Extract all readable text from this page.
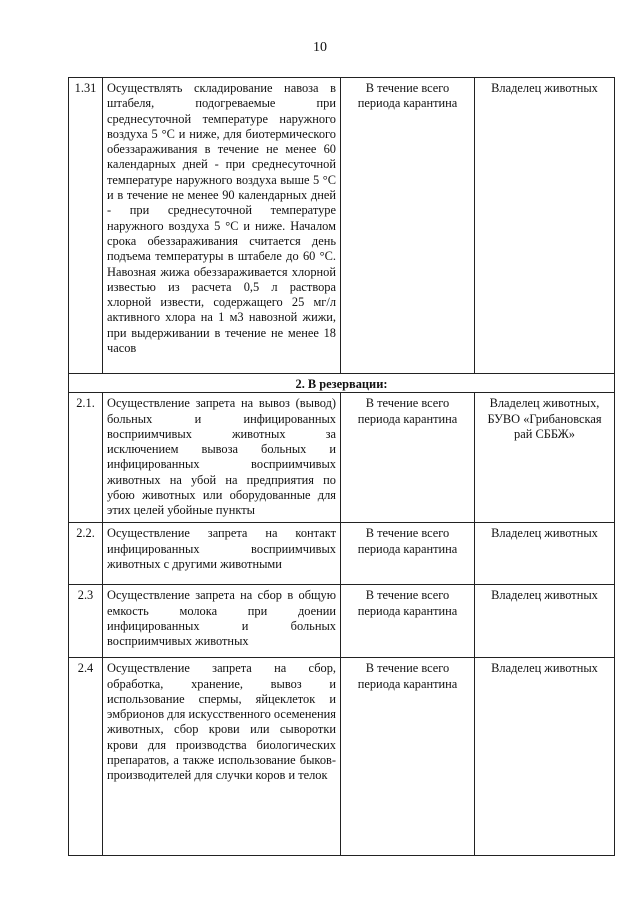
10
1.31	Осуществлять складирование навоза в штабеля, подогреваемые при среднесуточной температуре наружного воздуха 5 °С и ниже, для биотермического обеззараживания в течение не менее 60 календарных дней - при среднесуточной температуре наружного воздуха выше 5 °С и в течение не менее 90 календарных дней - при среднесуточной температуре наружного воздуха 5 °С и ниже. Началом срока обеззараживания считается день подъема температуры в штабеле до 60 °С. Навозная жижа обеззараживается хлорной известью из расчета 0,5 л раствора хлорной извести, содержащего 25 мг/л активного хлора на 1 м3 навозной жижи, при выдерживании в течение не менее 18 часов	В течение всего периода карантина	Владелец животных
2. В резервации:			
2.1.	Осуществление запрета на вывоз (вывод) больных и инфицированных восприимчивых животных за исключением вывоза больных и инфицированных восприимчивых животных на убой на предприятия по убою животных или оборудованные для этих целей убойные пункты	В течение всего периода карантина	Владелец животных, БУВО «Грибановская рай СББЖ»
2.2.	Осуществление запрета на контакт инфицированных восприимчивых животных с другими животными	В течение всего периода карантина	Владелец животных
2.3	Осуществление запрета на сбор в общую емкость молока при доении инфицированных и больных восприимчивых животных	В течение всего периода карантина	Владелец животных
2.4	Осуществление запрета на сбор, обработка, хранение, вывоз и использование спермы, яйцеклеток и эмбрионов для искусственного осеменения животных, сбор крови или сыворотки крови для производства биологических препаратов, а также использование быков-производителей для случки коров и телок	В течение всего периода карантина	Владелец животных
